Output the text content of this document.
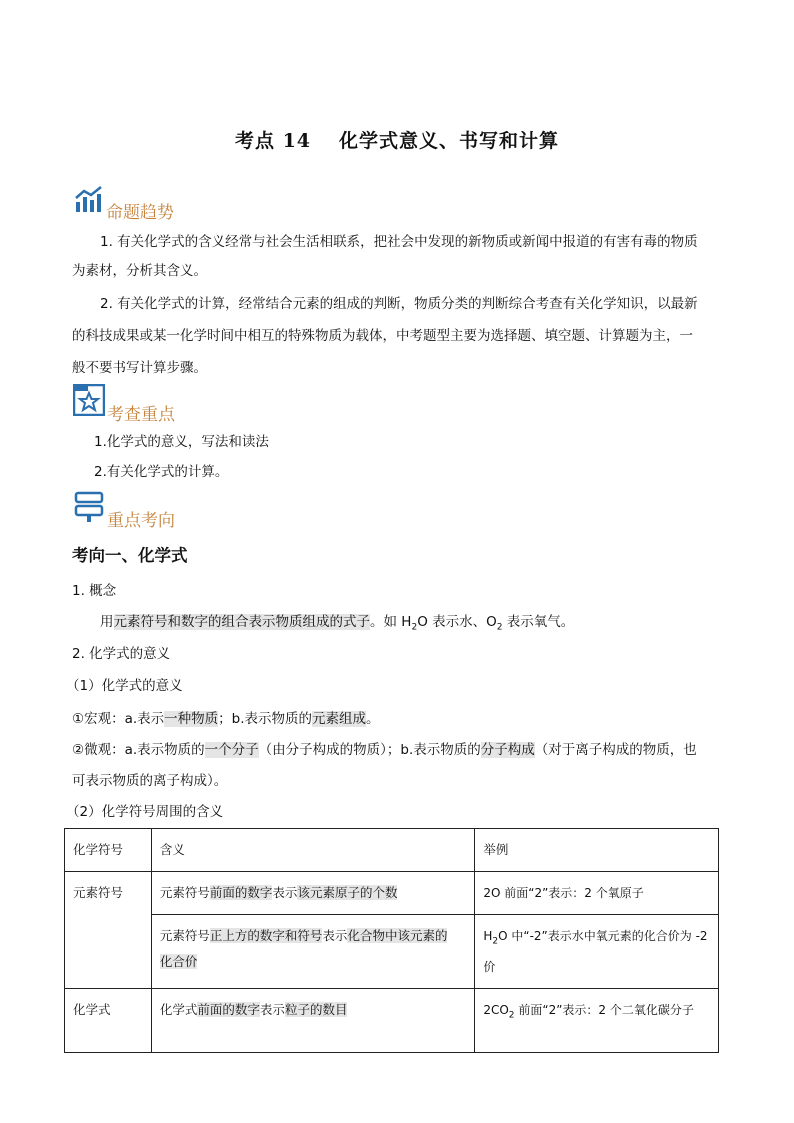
考点 14 化学式意义、书写和计算
命题趋势
1. 有关化学式的含义经常与社会生活相联系，把社会中发现的新物质或新闻中报道的有害有毒的物质
为素材，分析其含义。
2. 有关化学式的计算，经常结合元素的组成的判断，物质分类的判断综合考查有关化学知识，以最新
的科技成果或某一化学时间中相互的特殊物质为载体，中考题型主要为选择题、填空题、计算题为主，一
般不要书写计算步骤。
考查重点
1.化学式的意义，写法和读法
2.有关化学式的计算。
重点考向
考向一、化学式
1. 概念
用元素符号和数字的组合表示物质组成的式子。如 $H_2O$ 表示水、$O_2$ 表示氧气。
2. 化学式的意义
（1）化学式的意义
①宏观：a.表示一种物质；b.表示物质的元素组成。
②微观：a.表示物质的一个分子（由分子构成的物质）；b.表示物质的分子构成（对于离子构成的物质，也
可表示物质的离子构成）。
（2）化学符号周围的含义
化学符号	含义	举例
元素符号	元素符号前面的数字表示该元素原子的个数	2O 前面“2”表示：2 个氧原子
	元素符号正上方的数字和符号表示化合物中该元素的
化合价	$H_2O$ 中“-2”表示水中氧元素的化合价为 -2
价
化学式	化学式前面的数字表示粒子的数目	$2CO_2$ 前面“2”表示：2 个二氧化碳分子
